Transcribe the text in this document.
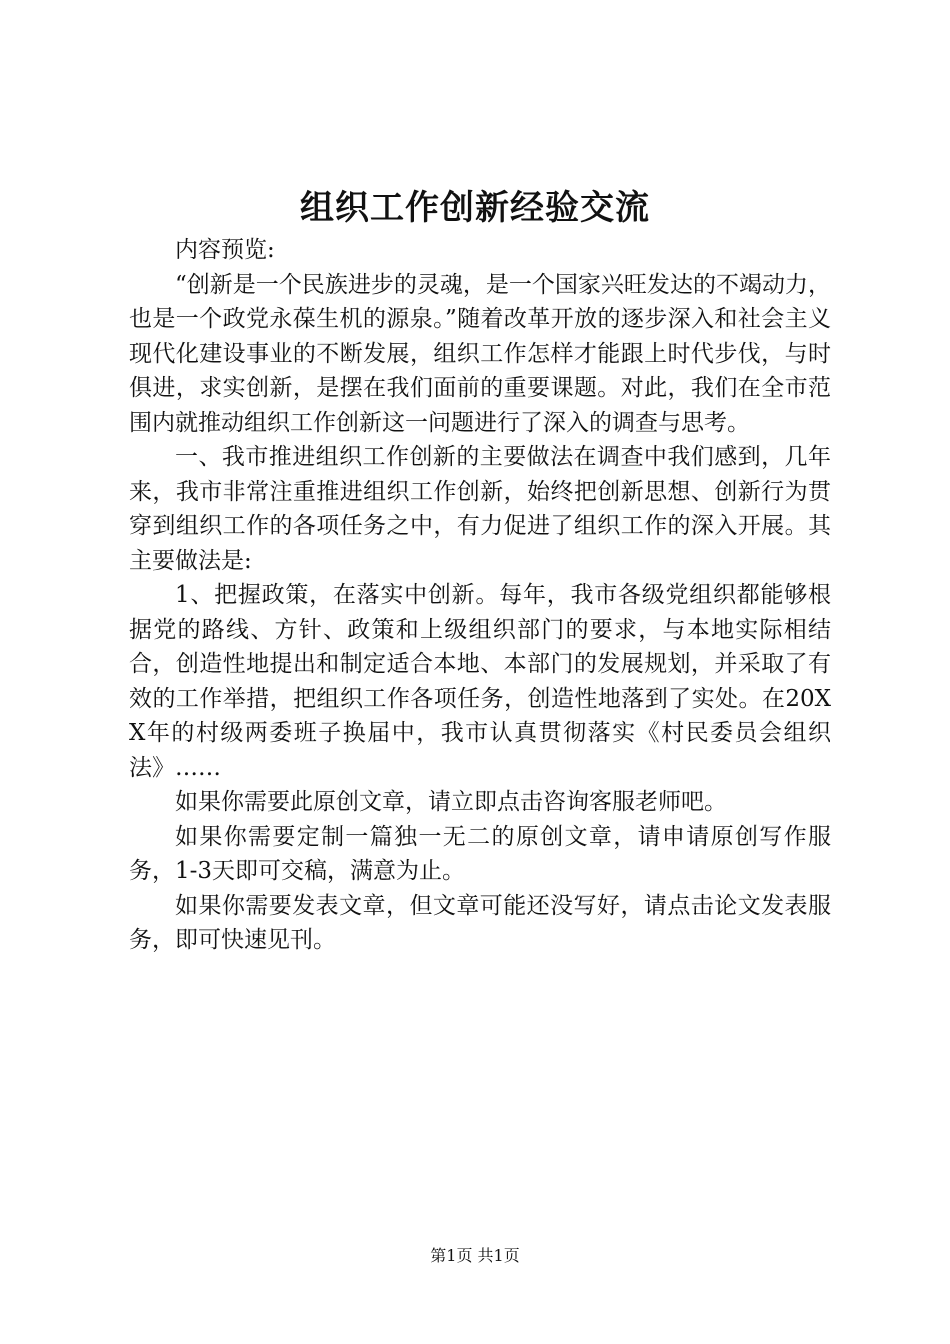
组织工作创新经验交流

内容预览:

“创新是一个民族进步的灵魂，是一个国家兴旺发达的不竭动力，也是一个政党永葆生机的源泉。”随着改革开放的逐步深入和社会主义现代化建设事业的不断发展，组织工作怎样才能跟上时代步伐，与时俱进，求实创新，是摆在我们面前的重要课题。对此，我们在全市范围内就推动组织工作创新这一问题进行了深入的调查与思考。

一、我市推进组织工作创新的主要做法在调查中我们感到，几年来，我市非常注重推进组织工作创新，始终把创新思想、创新行为贯穿到组织工作的各项任务之中，有力促进了组织工作的深入开展。其主要做法是:

1、把握政策，在落实中创新。每年，我市各级党组织都能够根据党的路线、方针、政策和上级组织部门的要求，与本地实际相结合，创造性地提出和制定适合本地、本部门的发展规划，并采取了有效的工作举措，把组织工作各项任务，创造性地落到了实处。在20XX年的村级两委班子换届中，我市认真贯彻落实《村民委员会组织法》……

如果你需要此原创文章，请立即点击咨询客服老师吧。

如果你需要定制一篇独一无二的原创文章，请申请原创写作服务，1-3天即可交稿，满意为止。

如果你需要发表文章，但文章可能还没写好，请点击论文发表服务，即可快速见刊。

第1页 共1页
